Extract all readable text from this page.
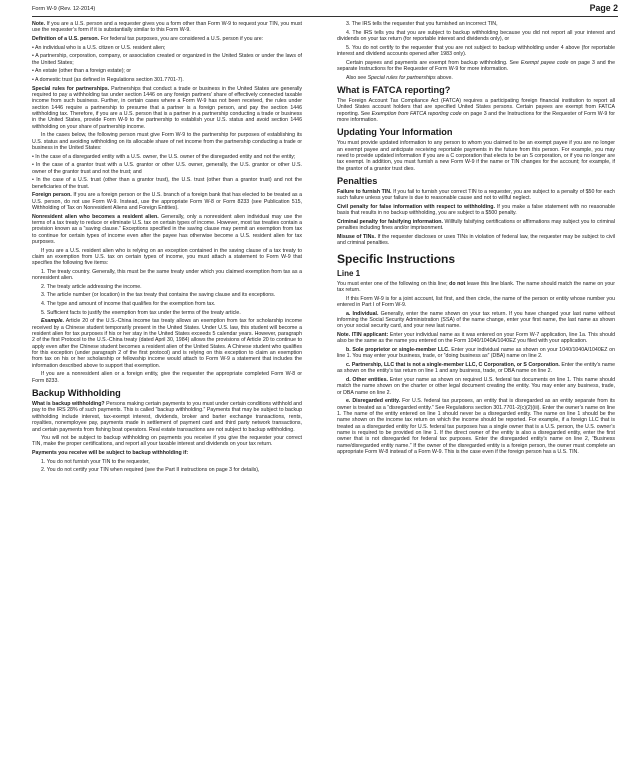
Form W-9 (Rev. 12-2014)	Page 2

Note. If you are a U.S. person and a requester gives you a form other than Form W-9 to request your TIN, you must use the requester’s form if it is substantially similar to this Form W-9.

Definition of a U.S. person. For federal tax purposes, you are considered a U.S. person if you are:

• An individual who is a U.S. citizen or U.S. resident alien;

• A partnership, corporation, company, or association created or organized in the United States or under the laws of the United States;

• An estate (other than a foreign estate); or

• A domestic trust (as defined in Regulations section 301.7701-7).

Special rules for partnerships. Partnerships that conduct a trade or business in the United States are generally required to pay a withholding tax under section 1446 on any foreign partners’ share of effectively connected taxable income from such business. Further, in certain cases where a Form W-9 has not been received, the rules under section 1446 require a partnership to presume that a partner is a foreign person, and pay the section 1446 withholding tax. Therefore, if you are a U.S. person that is a partner in a partnership conducting a trade or business in the United States, provide Form W-9 to the partnership to establish your U.S. status and avoid section 1446 withholding on your share of partnership income.

In the cases below, the following person must give Form W-9 to the partnership for purposes of establishing its U.S. status and avoiding withholding on its allocable share of net income from the partnership conducting a trade or business in the United States:

• In the case of a disregarded entity with a U.S. owner, the U.S. owner of the disregarded entity and not the entity;

• In the case of a grantor trust with a U.S. grantor or other U.S. owner, generally, the U.S. grantor or other U.S. owner of the grantor trust and not the trust; and

• In the case of a U.S. trust (other than a grantor trust), the U.S. trust (other than a grantor trust) and not the beneficiaries of the trust.

Foreign person. If you are a foreign person or the U.S. branch of a foreign bank that has elected to be treated as a U.S. person, do not use Form W-9. Instead, use the appropriate Form W-8 or Form 8233 (see Publication 515, Withholding of Tax on Nonresident Aliens and Foreign Entities).

Nonresident alien who becomes a resident alien. Generally, only a nonresident alien individual may use the terms of a tax treaty to reduce or eliminate U.S. tax on certain types of income. However, most tax treaties contain a provision known as a “saving clause.” Exceptions specified in the saving clause may permit an exemption from tax to continue for certain types of income even after the payee has otherwise become a U.S. resident alien for tax purposes.

If you are a U.S. resident alien who is relying on an exception contained in the saving clause of a tax treaty to claim an exemption from U.S. tax on certain types of income, you must attach a statement to Form W-9 that specifies the following five items:

1. The treaty country. Generally, this must be the same treaty under which you claimed exemption from tax as a nonresident alien.

2. The treaty article addressing the income.

3. The article number (or location) in the tax treaty that contains the saving clause and its exceptions.

4. The type and amount of income that qualifies for the exemption from tax.

5. Sufficient facts to justify the exemption from tax under the terms of the treaty article.

Example. Article 20 of the U.S.-China income tax treaty allows an exemption from tax for scholarship income received by a Chinese student temporarily present in the United States. Under U.S. law, this student will become a resident alien for tax purposes if his or her stay in the United States exceeds 5 calendar years. However, paragraph 2 of the first Protocol to the U.S.-China treaty (dated April 30, 1984) allows the provisions of Article 20 to continue to apply even after the Chinese student becomes a resident alien of the United States. A Chinese student who qualifies for this exception (under paragraph 2 of the first protocol) and is relying on this exception to claim an exemption from tax on his or her scholarship or fellowship income would attach to Form W-9 a statement that includes the information described above to support that exemption.

If you are a nonresident alien or a foreign entity, give the requester the appropriate completed Form W-8 or Form 8233.

Backup Withholding

What is backup withholding? Persons making certain payments to you must under certain conditions withhold and pay to the IRS 28% of such payments. This is called “backup withholding.” Payments that may be subject to backup withholding include interest, tax-exempt interest, dividends, broker and barter exchange transactions, rents, royalties, nonemployee pay, payments made in settlement of payment card and third party network transactions, and certain payments from fishing boat operators. Real estate transactions are not subject to backup withholding.

You will not be subject to backup withholding on payments you receive if you give the requester your correct TIN, make the proper certifications, and report all your taxable interest and dividends on your tax return.

Payments you receive will be subject to backup withholding if:

1. You do not furnish your TIN to the requester,

2. You do not certify your TIN when required (see the Part II instructions on page 3 for details),

3. The IRS tells the requester that you furnished an incorrect TIN,

4. The IRS tells you that you are subject to backup withholding because you did not report all your interest and dividends on your tax return (for reportable interest and dividends only), or

5. You do not certify to the requester that you are not subject to backup withholding under 4 above (for reportable interest and dividend accounts opened after 1983 only).

Certain payees and payments are exempt from backup withholding. See Exempt payee code on page 3 and the separate Instructions for the Requester of Form W-9 for more information.

Also see Special rules for partnerships above.

What is FATCA reporting?

The Foreign Account Tax Compliance Act (FATCA) requires a participating foreign financial institution to report all United States account holders that are specified United States persons. Certain payees are exempt from FATCA reporting. See Exemption from FATCA reporting code on page 3 and the Instructions for the Requester of Form W-9 for more information.

Updating Your Information

You must provide updated information to any person to whom you claimed to be an exempt payee if you are no longer an exempt payee and anticipate receiving reportable payments in the future from this person. For example, you may need to provide updated information if you are a C corporation that elects to be an S corporation, or if you no longer are tax exempt. In addition, you must furnish a new Form W-9 if the name or TIN changes for the account; for example, if the grantor of a grantor trust dies.

Penalties

Failure to furnish TIN. If you fail to furnish your correct TIN to a requester, you are subject to a penalty of $50 for each such failure unless your failure is due to reasonable cause and not to willful neglect.

Civil penalty for false information with respect to withholding. If you make a false statement with no reasonable basis that results in no backup withholding, you are subject to a $500 penalty.

Criminal penalty for falsifying information. Willfully falsifying certifications or affirmations may subject you to criminal penalties including fines and/or imprisonment.

Misuse of TINs. If the requester discloses or uses TINs in violation of federal law, the requester may be subject to civil and criminal penalties.

Specific Instructions
Line 1

You must enter one of the following on this line; do not leave this line blank. The name should match the name on your tax return.

If this Form W-9 is for a joint account, list first, and then circle, the name of the person or entity whose number you entered in Part I of Form W-9.

a. Individual. Generally, enter the name shown on your tax return. If you have changed your last name without informing the Social Security Administration (SSA) of the name change, enter your first name, the last name as shown on your social security card, and your new last name.

Note. ITIN applicant: Enter your individual name as it was entered on your Form W-7 application, line 1a. This should also be the same as the name you entered on the Form 1040/1040A/1040EZ you filed with your application.

b. Sole proprietor or single-member LLC. Enter your individual name as shown on your 1040/1040A/1040EZ on line 1. You may enter your business, trade, or “doing business as” (DBA) name on line 2.

c. Partnership, LLC that is not a single-member LLC, C Corporation, or S Corporation. Enter the entity’s name as shown on the entity’s tax return on line 1 and any business, trade, or DBA name on line 2.

d. Other entities. Enter your name as shown on required U.S. federal tax documents on line 1. This name should match the name shown on the charter or other legal document creating the entity. You may enter any business, trade, or DBA name on line 2.

e. Disregarded entity. For U.S. federal tax purposes, an entity that is disregarded as an entity separate from its owner is treated as a “disregarded entity.” See Regulations section 301.7701-2(c)(2)(iii). Enter the owner’s name on line 1. The name of the entity entered on line 1 should never be a disregarded entity. The name on line 1 should be the name shown on the income tax return on which the income should be reported. For example, if a foreign LLC that is treated as a disregarded entity for U.S. federal tax purposes has a single owner that is a U.S. person, the U.S. owner’s name is required to be provided on line 1. If the direct owner of the entity is also a disregarded entity, enter the first owner that is not disregarded for federal tax purposes. Enter the disregarded entity’s name on line 2, “Business name/disregarded entity name.” If the owner of the disregarded entity is a foreign person, the owner must complete an appropriate Form W-8 instead of a Form W-9. This is the case even if the foreign person has a U.S. TIN.
